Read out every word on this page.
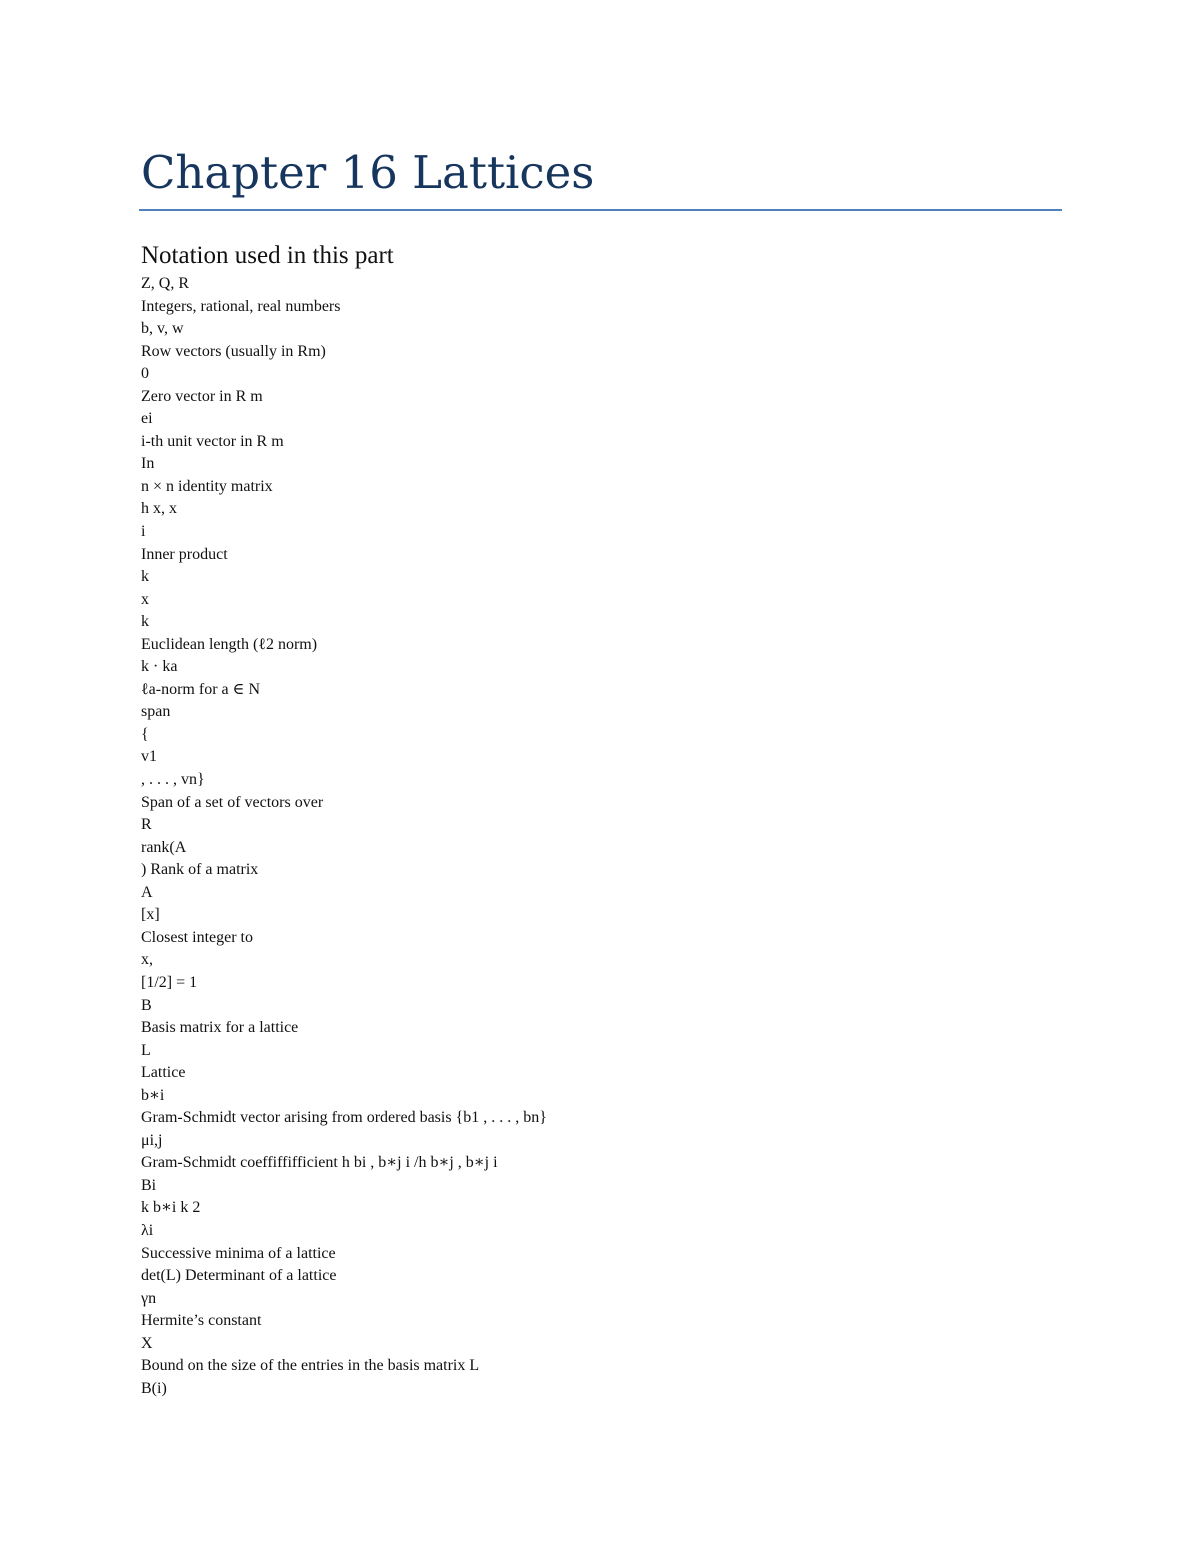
Chapter 16 Lattices
Notation used in this part
Z, Q, R
Integers, rational, real numbers
b, v, w
Row vectors (usually in Rm)
0
Zero vector in R m
ei
i-th unit vector in R m
In
n × n identity matrix
h x, x
i
Inner product
k
x
k
Euclidean length (ℓ2 norm)
k · ka
ℓa-norm for a ∈ N
span
{
v1
, . . . , vn}
Span of a set of vectors over
R
rank(A
) Rank of a matrix
A
[x]
Closest integer to
x,
[1/2] = 1
B
Basis matrix for a lattice
L
Lattice
b∗i
Gram-Schmidt vector arising from ordered basis {b1 , . . . , bn}
μi,j
Gram-Schmidt coeffiffifficient h bi , b∗j i /h b∗j , b∗j i
Bi
k b∗i k 2
λi
Successive minima of a lattice
det(L) Determinant of a lattice
γn
Hermite’s constant
X
Bound on the size of the entries in the basis matrix L
B(i)
